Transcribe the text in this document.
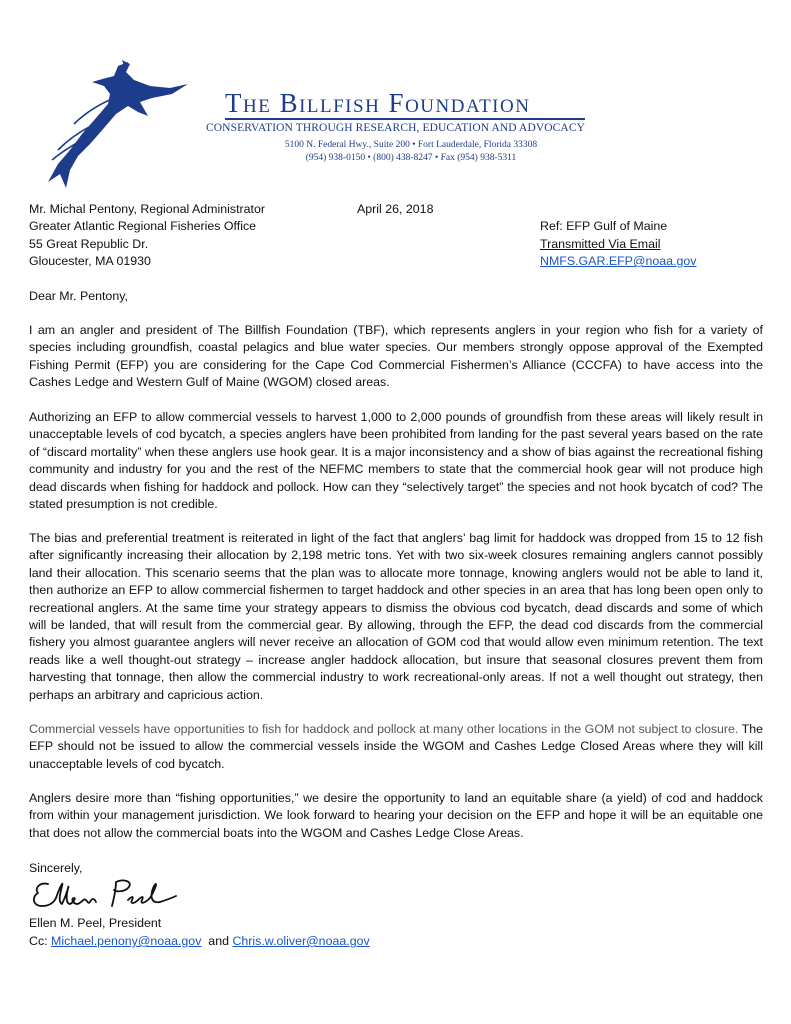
The Billfish Foundation
CONSERVATION THROUGH RESEARCH, EDUCATION AND ADVOCACY
5100 N. Federal Hwy., Suite 200 • Fort Lauderdale, Florida 33308
(954) 938-0150 • (800) 438-8247 • Fax (954) 938-5311
Mr. Michal Pentony, Regional Administrator
Greater Atlantic Regional Fisheries Office
55 Great Republic Dr.
Gloucester, MA 01930
April 26, 2018
Ref: EFP Gulf of Maine
Transmitted Via Email
NMFS.GAR.EFP@noaa.gov
Dear Mr. Pentony,

I am an angler and president of The Billfish Foundation (TBF), which represents anglers in your region who fish for a variety of species including groundfish, coastal pelagics and blue water species. Our members strongly oppose approval of the Exempted Fishing Permit (EFP) you are considering for the Cape Cod Commercial Fishermen’s Alliance (CCCFA) to have access into the Cashes Ledge and Western Gulf of Maine (WGOM) closed areas.

Authorizing an EFP to allow commercial vessels to harvest 1,000 to 2,000 pounds of groundfish from these areas will likely result in unacceptable levels of cod bycatch, a species anglers have been prohibited from landing for the past several years based on the rate of “discard mortality” when these anglers use hook gear. It is a major inconsistency and a show of bias against the recreational fishing community and industry for you and the rest of the NEFMC members to state that the commercial hook gear will not produce high dead discards when fishing for haddock and pollock. How can they “selectively target” the species and not hook bycatch of cod? The stated presumption is not credible.

The bias and preferential treatment is reiterated in light of the fact that anglers’ bag limit for haddock was dropped from 15 to 12 fish after significantly increasing their allocation by 2,198 metric tons. Yet with two six-week closures remaining anglers cannot possibly land their allocation. This scenario seems that the plan was to allocate more tonnage, knowing anglers would not be able to land it, then authorize an EFP to allow commercial fishermen to target haddock and other species in an area that has long been open only to recreational anglers. At the same time your strategy appears to dismiss the obvious cod bycatch, dead discards and some of which will be landed, that will result from the commercial gear. By allowing, through the EFP, the dead cod discards from the commercial fishery you almost guarantee anglers will never receive an allocation of GOM cod that would allow even minimum retention. The text reads like a well thought-out strategy – increase angler haddock allocation, but insure that seasonal closures prevent them from harvesting that tonnage, then allow the commercial industry to work recreational-only areas. If not a well thought out strategy, then perhaps an arbitrary and capricious action.

Commercial vessels have opportunities to fish for haddock and pollock at many other locations in the GOM not subject to closure. The EFP should not be issued to allow the commercial vessels inside the WGOM and Cashes Ledge Closed Areas where they will kill unacceptable levels of cod bycatch.

Anglers desire more than “fishing opportunities,” we desire the opportunity to land an equitable share (a yield) of cod and haddock from within your management jurisdiction. We look forward to hearing your decision on the EFP and hope it will be an equitable one that does not allow the commercial boats into the WGOM and Cashes Ledge Close Areas.

Sincerely,
Ellen M. Peel, President
Cc: Michael.penony@noaa.gov and Chris.w.oliver@noaa.gov
